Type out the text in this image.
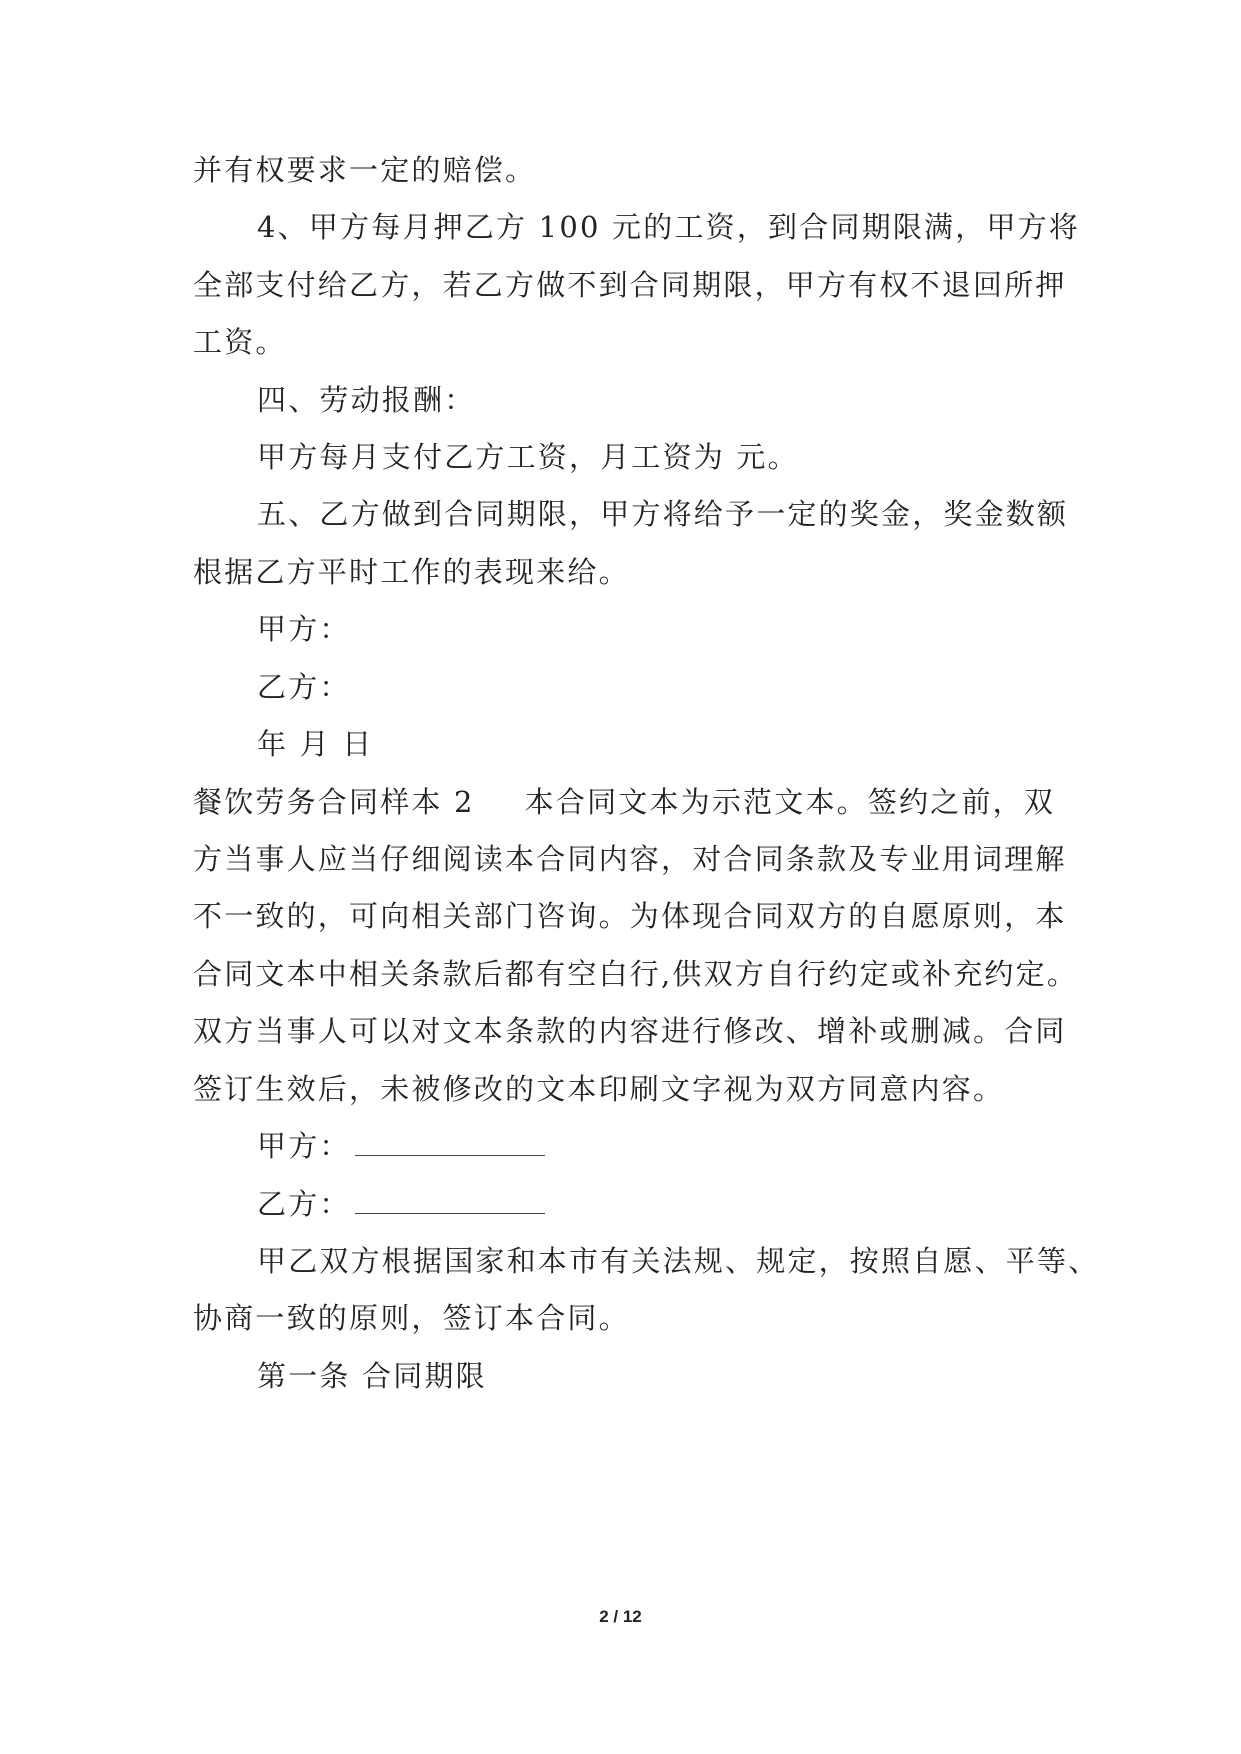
并有权要求一定的赔偿。
4、甲方每月押乙方 100 元的工资，到合同期限满，甲方将
全部支付给乙方，若乙方做不到合同期限，甲方有权不退回所押
工资。
四、劳动报酬：
甲方每月支付乙方工资，月工资为 元。
五、乙方做到合同期限，甲方将给予一定的奖金，奖金数额
根据乙方平时工作的表现来给。
甲方：
乙方：
年 月 日
餐饮劳务合同样本 2 本合同文本为示范文本。签约之前，双
方当事人应当仔细阅读本合同内容，对合同条款及专业用词理解
不一致的，可向相关部门咨询。为体现合同双方的自愿原则，本
合同文本中相关条款后都有空白行,供双方自行约定或补充约定。
双方当事人可以对文本条款的内容进行修改、增补或删减。合同
签订生效后，未被修改的文本印刷文字视为双方同意内容。
甲方：
乙方：
甲乙双方根据国家和本市有关法规、规定，按照自愿、平等、
协商一致的原则，签订本合同。
第一条 合同期限
2 / 12
